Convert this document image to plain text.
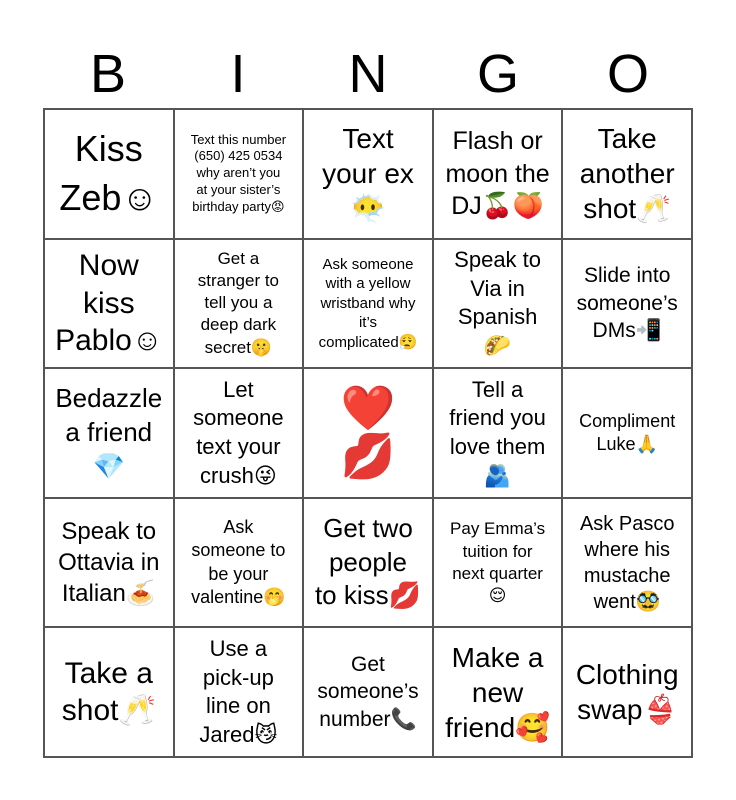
B	I	N	G	O
Kiss
Zeb☺
Text this number
(650) 425 0534
why aren’t you
at your sister’s
birthday party😡
Text
your ex
😶‍🌫️
Flash or
moon the
DJ🍒🍑
Take
another
shot🥂
Now
kiss
Pablo☺
Get a
stranger to
tell you a
deep dark
secret🤫
Ask someone
with a yellow
wristband why
it’s
complicated😮‍💨
Speak to
Via in
Spanish
🌮
Slide into
someone’s
DMs📲
Bedazzle
a friend
💎
Let
someone
text your
crush😜
❤️
💋
Tell a
friend you
love them
🫂
Compliment
Luke🙏
Speak to
Ottavia in
Italian🍝
Ask
someone to
be your
valentine🤭
Get two
people
to kiss💋
Pay Emma’s
tuition for
next quarter
😌
Ask Pasco
where his
mustache
went🥸
Take a
shot🥂
Use a
pick-up
line on
Jared😼
Get
someone’s
number📞
Make a
new
friend🥰
Clothing
swap👙
